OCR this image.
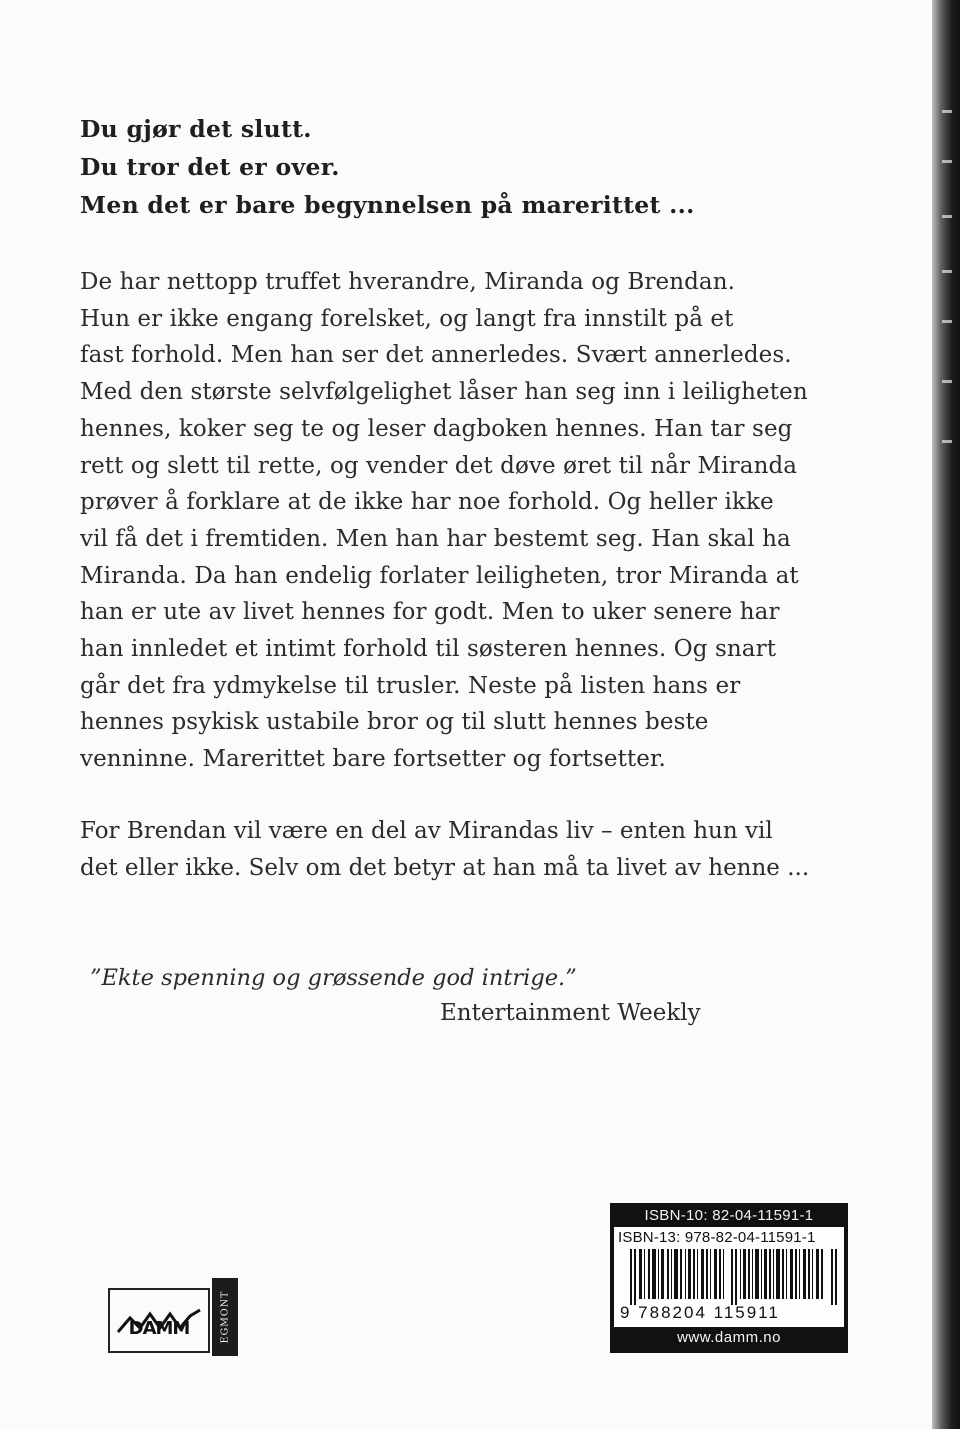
Du gjør det slutt.
Du tror det er over.
Men det er bare begynnelsen på marerittet ...
De har nettopp truffet hverandre, Miranda og Brendan.
Hun er ikke engang forelsket, og langt fra innstilt på et
fast forhold. Men han ser det annerledes. Svært annerledes.
Med den største selvfølgelighet låser han seg inn i leiligheten
hennes, koker seg te og leser dagboken hennes. Han tar seg
rett og slett til rette, og vender det døve øret til når Miranda
prøver å forklare at de ikke har noe forhold. Og heller ikke
vil få det i fremtiden. Men han har bestemt seg. Han skal ha
Miranda. Da han endelig forlater leiligheten, tror Miranda at
han er ute av livet hennes for godt. Men to uker senere har
han innledet et intimt forhold til søsteren hennes. Og snart
går det fra ydmykelse til trusler. Neste på listen hans er
hennes psykisk ustabile bror og til slutt hennes beste
venninne. Marerittet bare fortsetter og fortsetter.
For Brendan vil være en del av Mirandas liv – enten hun vil
det eller ikke. Selv om det betyr at han må ta livet av henne ...
”Ekte spenning og grøssende god intrige.”
Entertainment Weekly
DAMM	EGMONT
ISBN-10: 82-04-11591-1
ISBN-13: 978-82-04-11591-1
9 788204 115911
www.damm.no
